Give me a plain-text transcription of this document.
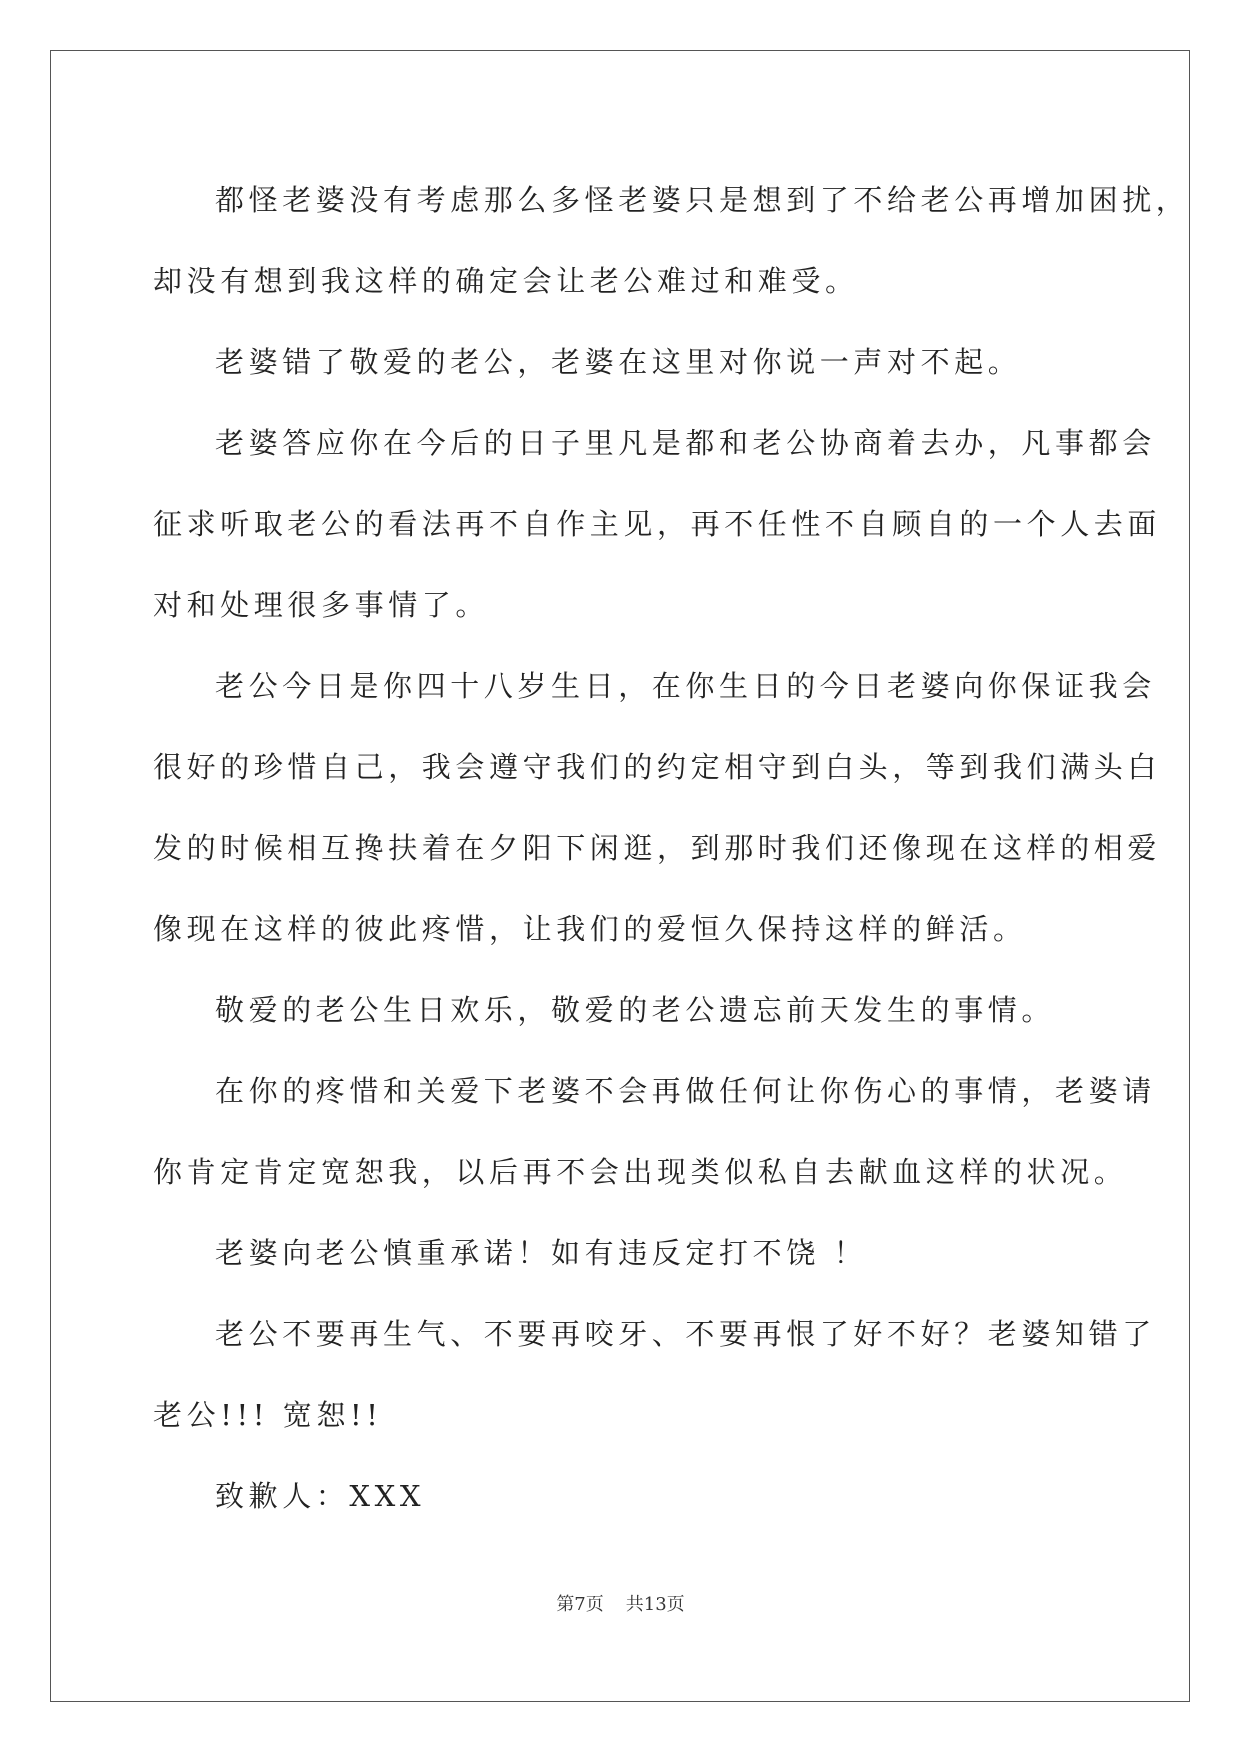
都怪老婆没有考虑那么多怪老婆只是想到了不给老公再增加困扰，
却没有想到我这样的确定会让老公难过和难受。
老婆错了敬爱的老公，老婆在这里对你说一声对不起。
老婆答应你在今后的日子里凡是都和老公协商着去办，凡事都会
征求听取老公的看法再不自作主见，再不任性不自顾自的一个人去面
对和处理很多事情了。
老公今日是你四十八岁生日，在你生日的今日老婆向你保证我会
很好的珍惜自己，我会遵守我们的约定相守到白头，等到我们满头白
发的时候相互搀扶着在夕阳下闲逛，到那时我们还像现在这样的相爱
像现在这样的彼此疼惜，让我们的爱恒久保持这样的鲜活。
敬爱的老公生日欢乐，敬爱的老公遗忘前天发生的事情。
在你的疼惜和关爱下老婆不会再做任何让你伤心的事情，老婆请
你肯定肯定宽恕我，以后再不会出现类似私自去献血这样的状况。
老婆向老公慎重承诺！如有违反定打不饶 ！
老公不要再生气、不要再咬牙、不要再恨了好不好？老婆知错了
老公!!! 宽恕!!
致歉人：XXX
第7页 共13页
